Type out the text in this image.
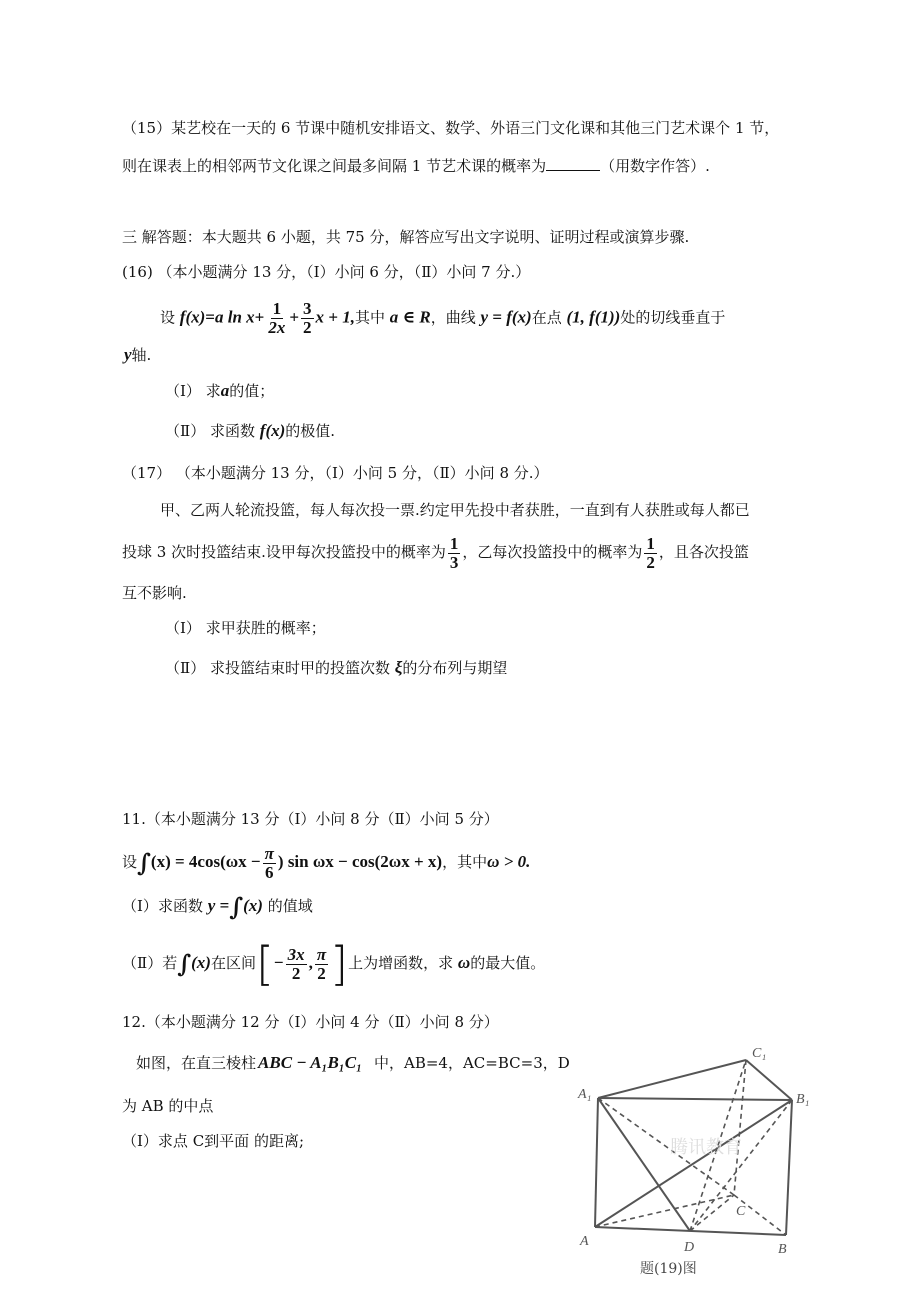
（15）某艺校在一天的 6 节课中随机安排语文、数学、外语三门文化课和其他三门艺术课个 1 节，
则在课表上的相邻两节文化课之间最多间隔 1 节艺术课的概率为	（用数字作答）.
三 解答题：本大题共 6 小题，共 75 分，解答应写出文字说明、证明过程或演算步骤.
(16) （本小题满分 13 分，（Ⅰ）小问 6 分，（Ⅱ）小问 7 分.）
设 f(x)=a $\ln x+ \frac{1}{2x} + \frac{3}{2}$ x + 1,其中 a ∈ R，曲线 y = f(x)在点 (1, f(1))处的切线垂直于
y轴.
（Ⅰ） 求a的值；
（Ⅱ） 求函数 f(x)的极值.
（17） （本小题满分 13 分，（Ⅰ）小问 5 分，（Ⅱ）小问 8 分.）
甲、乙两人轮流投篮，每人每次投一票.约定甲先投中者获胜，一直到有人获胜或每人都已
投球 3 次时投篮结束.设甲每次投篮投中的概率为 $\frac{1}{3}$ ，乙每次投篮投中的概率为 $\frac{1}{2}$ ，且各次投篮
互不影响.
（Ⅰ） 求甲获胜的概率；
（Ⅱ） 求投篮结束时甲的投篮次数 ξ的分布列与期望
11.（本小题满分 13 分（Ⅰ）小问 8 分（Ⅱ）小问 5 分）
设$\int(x) = 4\cos(\omega x - \frac{\pi}{6}$ ) sin ωx − cos(2ωx + x)，其中ω > 0.
（Ⅰ）求函数 y =∫(x) 的值域
（Ⅱ）若∫(x)在区间[− $\frac{3x}{2}$ , $\frac{\pi}{2}$ ]上为增函数，求 ω的最大值。
12.（本小题满分 12 分（Ⅰ）小问 4 分（Ⅱ）小问 8 分）
如图，在直三棱柱 ABC − A₁B₁C₁ 中，AB=4，AC=BC=3，D
为 AB 的中点
（Ⅰ）求点 C到平面 的距离;	腾讯教育
A₁
C₁
B₁
A	D	B
C
题(19)图
